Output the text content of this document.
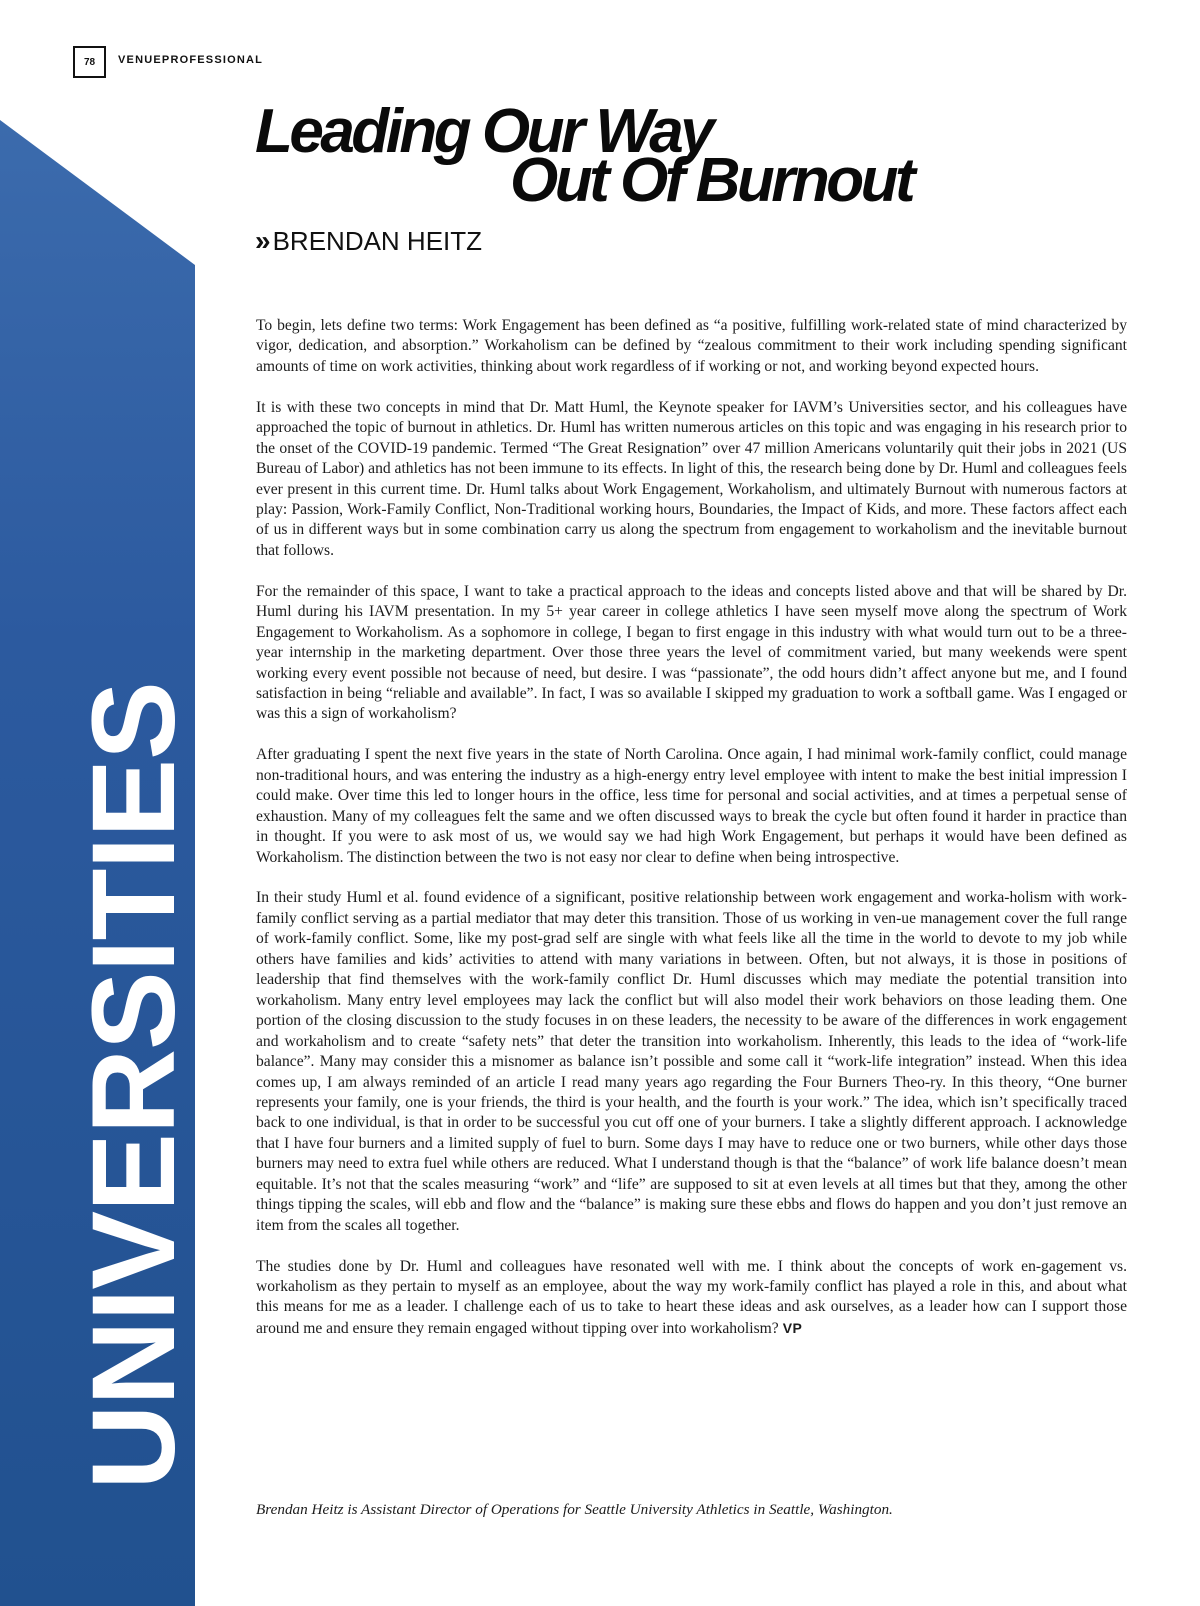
UNIVERSITIES
78	VENUEPROFESSIONAL
Leading Our Way
Out Of Burnout
» BRENDAN HEITZ

To begin, lets define two terms: Work Engagement has been defined as “a positive, fulfilling work-related state of mind characterized by vigor, dedication, and absorption.” Workaholism can be defined by “zealous commitment to their work including spending significant amounts of time on work activities, thinking about work regardless of if working or not, and working beyond expected hours.

It is with these two concepts in mind that Dr. Matt Huml, the Keynote speaker for IAVM’s Universities sector, and his colleagues have approached the topic of burnout in athletics. Dr. Huml has written numerous articles on this topic and was engaging in his research prior to the onset of the COVID-19 pandemic. Termed “The Great Resignation” over 47 million Americans voluntarily quit their jobs in 2021 (US Bureau of Labor) and athletics has not been immune to its effects. In light of this, the research being done by Dr. Huml and colleagues feels ever present in this current time. Dr. Huml talks about Work Engagement, Workaholism, and ultimately Burnout with numerous factors at play: Passion, Work-Family Conflict, Non-Traditional working hours, Boundaries, the Impact of Kids, and more. These factors affect each of us in different ways but in some combination carry us along the spectrum from engagement to workaholism and the inevitable burnout that follows.

For the remainder of this space, I want to take a practical approach to the ideas and concepts listed above and that will be shared by Dr. Huml during his IAVM presentation. In my 5+ year career in college athletics I have seen myself move along the spectrum of Work Engagement to Workaholism. As a sophomore in college, I began to first engage in this industry with what would turn out to be a three-year internship in the marketing department. Over those three years the level of commitment varied, but many weekends were spent working every event possible not because of need, but desire. I was “passionate”, the odd hours didn’t affect anyone but me, and I found satisfaction in being “reliable and available”. In fact, I was so available I skipped my graduation to work a softball game. Was I engaged or was this a sign of workaholism?

After graduating I spent the next five years in the state of North Carolina. Once again, I had minimal work-family conflict, could manage non-traditional hours, and was entering the industry as a high-energy entry level employee with intent to make the best initial impression I could make. Over time this led to longer hours in the office, less time for personal and social activities, and at times a perpetual sense of exhaustion. Many of my colleagues felt the same and we often discussed ways to break the cycle but often found it harder in practice than in thought. If you were to ask most of us, we would say we had high Work Engagement, but perhaps it would have been defined as Workaholism. The distinction between the two is not easy nor clear to define when being introspective.

In their study Huml et al. found evidence of a significant, positive relationship between work engagement and worka-holism with work-family conflict serving as a partial mediator that may deter this transition. Those of us working in ven-ue management cover the full range of work-family conflict. Some, like my post-grad self are single with what feels like all the time in the world to devote to my job while others have families and kids’ activities to attend with many variations in between. Often, but not always, it is those in positions of leadership that find themselves with the work-family conflict Dr. Huml discusses which may mediate the potential transition into workaholism. Many entry level employees may lack the conflict but will also model their work behaviors on those leading them. One portion of the closing discussion to the study focuses in on these leaders, the necessity to be aware of the differences in work engagement and workaholism and to create “safety nets” that deter the transition into workaholism. Inherently, this leads to the idea of “work-life balance”. Many may consider this a misnomer as balance isn’t possible and some call it “work-life integration” instead. When this idea comes up, I am always reminded of an article I read many years ago regarding the Four Burners Theo-ry. In this theory, “One burner represents your family, one is your friends, the third is your health, and the fourth is your work.” The idea, which isn’t specifically traced back to one individual, is that in order to be successful you cut off one of your burners. I take a slightly different approach. I acknowledge that I have four burners and a limited supply of fuel to burn. Some days I may have to reduce one or two burners, while other days those burners may need to extra fuel while others are reduced. What I understand though is that the “balance” of work life balance doesn’t mean equitable. It’s not that the scales measuring “work” and “life” are supposed to sit at even levels at all times but that they, among the other things tipping the scales, will ebb and flow and the “balance” is making sure these ebbs and flows do happen and you don’t just remove an item from the scales all together.

The studies done by Dr. Huml and colleagues have resonated well with me. I think about the concepts of work en-gagement vs. workaholism as they pertain to myself as an employee, about the way my work-family conflict has played a role in this, and about what this means for me as a leader. I challenge each of us to take to heart these ideas and ask ourselves, as a leader how can I support those around me and ensure they remain engaged without tipping over into workaholism? VP

Brendan Heitz is Assistant Director of Operations for Seattle University Athletics in Seattle, Washington.
